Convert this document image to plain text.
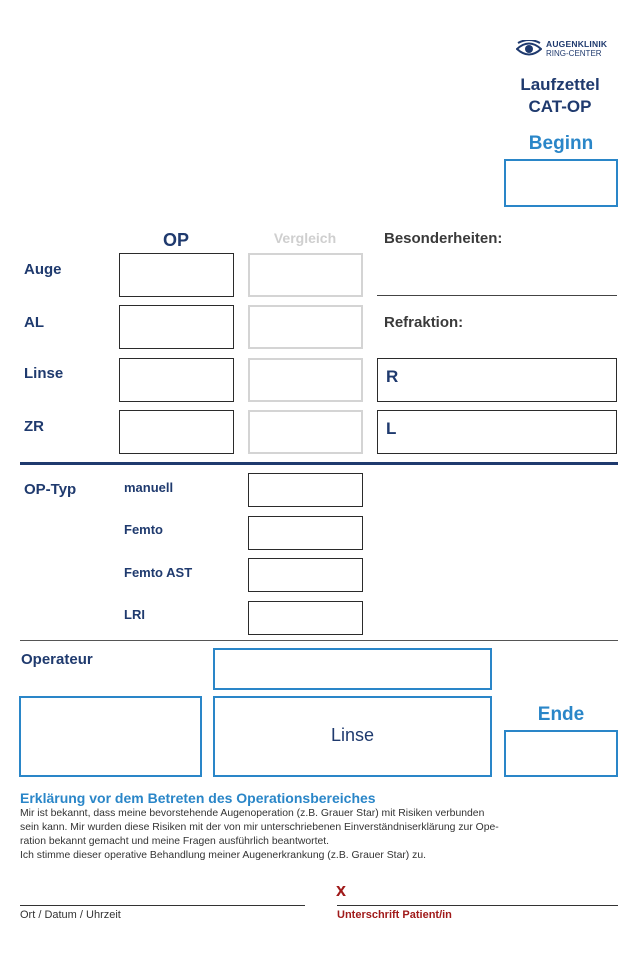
AUGENKLINIK
RING-CENTER
Laufzettel
CAT-OP
Beginn
OP	Vergleich	Besonderheiten:
Auge
AL
Linse
ZR
Refraktion:
R
L
OP-Typ	manuell
Femto
Femto AST
LRI
Operateur
Linse
Ende
Erklärung vor dem Betreten des Operationsbereiches
Mir ist bekannt, dass meine bevorstehende Augenoperation (z.B. Grauer Star) mit Risiken verbunden
sein kann. Mir wurden diese Risiken mit der von mir unterschriebenen Einverständniserklärung zur Ope-
ration bekannt gemacht und meine Fragen ausführlich beantwortet.
Ich stimme dieser operative Behandlung meiner Augenerkrankung (z.B. Grauer Star) zu.
Ort / Datum / Uhrzeit
x
Unterschrift Patient/in
